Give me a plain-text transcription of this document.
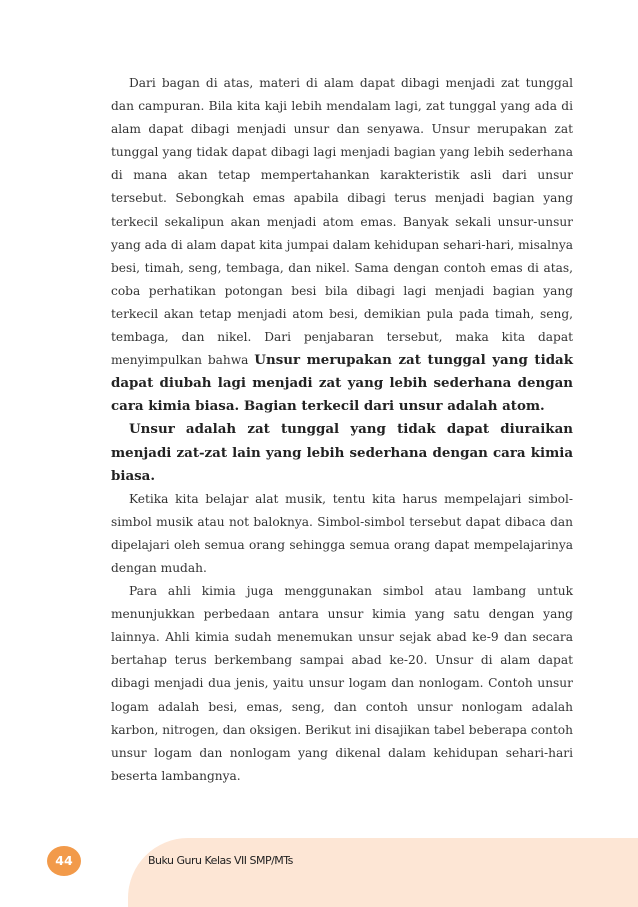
Dari bagan di atas, materi di alam dapat dibagi menjadi zat tunggal dan campuran. Bila kita kaji lebih mendalam lagi, zat tunggal yang ada di alam dapat dibagi menjadi unsur dan senyawa. Unsur merupakan zat tunggal yang tidak dapat dibagi lagi menjadi bagian yang lebih sederhana di mana akan tetap mempertahankan karakteristik asli dari unsur tersebut. Sebongkah emas apabila dibagi terus menjadi bagian yang terkecil sekalipun akan menjadi atom emas. Banyak sekali unsur-unsur yang ada di alam dapat kita jumpai dalam kehidupan sehari-hari, misalnya besi, timah, seng, tembaga, dan nikel. Sama dengan contoh emas di atas, coba perhatikan potongan besi bila dibagi lagi menjadi bagian yang terkecil akan tetap menjadi atom besi, demikian pula pada timah, seng, tembaga, dan nikel. Dari penjabaran tersebut, maka kita dapat menyimpulkan bahwa Unsur merupakan zat tunggal yang tidak dapat diubah lagi menjadi zat yang lebih sederhana dengan cara kimia biasa. Bagian terkecil dari unsur adalah atom.

Unsur adalah zat tunggal yang tidak dapat diuraikan menjadi zat-zat lain yang lebih sederhana dengan cara kimia biasa.

Ketika kita belajar alat musik, tentu kita harus mempelajari simbol-simbol musik atau not baloknya. Simbol-simbol tersebut dapat dibaca dan dipelajari oleh semua orang sehingga semua orang dapat mempelajarinya dengan mudah.

Para ahli kimia juga menggunakan simbol atau lambang untuk menunjukkan perbedaan antara unsur kimia yang satu dengan yang lainnya. Ahli kimia sudah menemukan unsur sejak abad ke-9 dan secara bertahap terus berkembang sampai abad ke-20. Unsur di alam dapat dibagi menjadi dua jenis, yaitu unsur logam dan nonlogam. Contoh unsur logam adalah besi, emas, seng, dan contoh unsur nonlogam adalah karbon, nitrogen, dan oksigen. Berikut ini disajikan tabel beberapa contoh unsur logam dan nonlogam yang dikenal dalam kehidupan sehari-hari beserta lambangnya.

44	Buku Guru Kelas VII SMP/MTs
